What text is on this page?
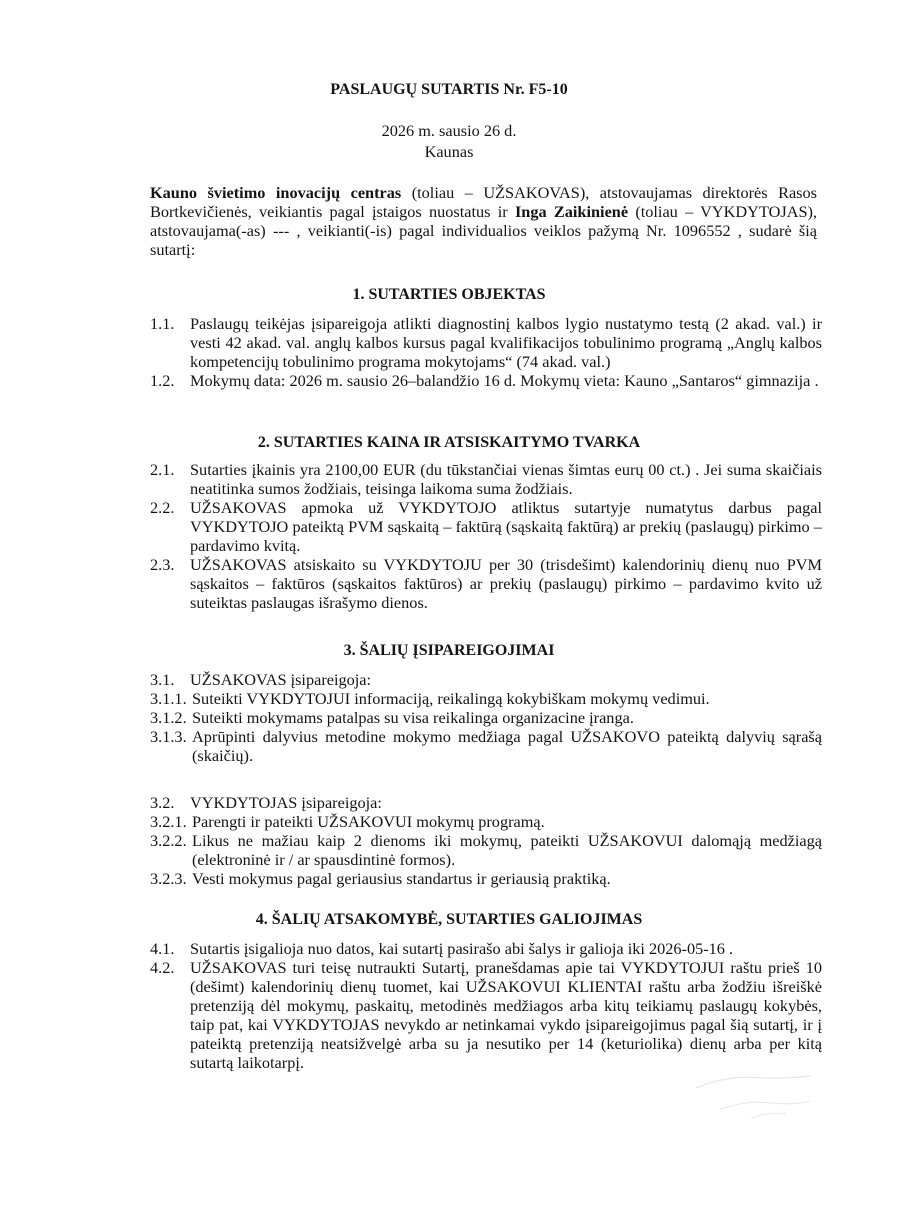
PASLAUGŲ SUTARTIS Nr. F5-10
2026 m. sausio 26 d.
Kaunas

Kauno švietimo inovacijų centras (toliau – UŽSAKOVAS), atstovaujamas direktorės Rasos Bortkevičienės, veikiantis pagal įstaigos nuostatus ir Inga Zaikinienė (toliau – VYKDYTOJAS), atstovaujama(-as) --- , veikianti(-is) pagal individualios veiklos pažymą Nr. 1096552 , sudarė šią sutartį:

1. SUTARTIES OBJEKTAS
1.1. Paslaugų teikėjas įsipareigoja atlikti diagnostinį kalbos lygio nustatymo testą (2 akad. val.) ir vesti 42 akad. val. anglų kalbos kursus pagal kvalifikacijos tobulinimo programą „Anglų kalbos kompetencijų tobulinimo programa mokytojams“ (74 akad. val.)
1.2. Mokymų data: 2026 m. sausio 26–balandžio 16 d. Mokymų vieta: Kauno „Santaros“ gimnazija .
2. SUTARTIES KAINA IR ATSISKAITYMO TVARKA
2.1. Sutarties įkainis yra 2100,00 EUR (du tūkstančiai vienas šimtas eurų 00 ct.) . Jei suma skaičiais neatitinka sumos žodžiais, teisinga laikoma suma žodžiais.
2.2. UŽSAKOVAS apmoka už VYKDYTOJO atliktus sutartyje numatytus darbus pagal VYKDYTOJO pateiktą PVM sąskaitą – faktūrą (sąskaitą faktūrą) ar prekių (paslaugų) pirkimo – pardavimo kvitą.
2.3. UŽSAKOVAS atsiskaito su VYKDYTOJU per 30 (trisdešimt) kalendorinių dienų nuo PVM sąskaitos – faktūros (sąskaitos faktūros) ar prekių (paslaugų) pirkimo – pardavimo kvito už suteiktas paslaugas išrašymo dienos.
3. ŠALIŲ ĮSIPAREIGOJIMAI
3.1. UŽSAKOVAS įsipareigoja:
3.1.1. Suteikti VYKDYTOJUI informaciją, reikalingą kokybiškam mokymų vedimui.
3.1.2. Suteikti mokymams patalpas su visa reikalinga organizacine įranga.
3.1.3. Aprūpinti dalyvius metodine mokymo medžiaga pagal UŽSAKOVO pateiktą dalyvių sąrašą (skaičių).
3.2. VYKDYTOJAS įsipareigoja:
3.2.1. Parengti ir pateikti UŽSAKOVUI mokymų programą.
3.2.2. Likus ne mažiau kaip 2 dienoms iki mokymų, pateikti UŽSAKOVUI dalomąją medžiagą (elektroninė ir / ar spausdintinė formos).
3.2.3. Vesti mokymus pagal geriausius standartus ir geriausią praktiką.
4. ŠALIŲ ATSAKOMYBĖ, SUTARTIES GALIOJIMAS
4.1. Sutartis įsigalioja nuo datos, kai sutartį pasirašo abi šalys ir galioja iki 2026-05-16 .
4.2. UŽSAKOVAS turi teisę nutraukti Sutartį, pranešdamas apie tai VYKDYTOJUI raštu prieš 10 (dešimt) kalendorinių dienų tuomet, kai UŽSAKOVUI KLIENTAI raštu arba žodžiu išreiškė pretenziją dėl mokymų, paskaitų, metodinės medžiagos arba kitų teikiamų paslaugų kokybės, taip pat, kai VYKDYTOJAS nevykdo ar netinkamai vykdo įsipareigojimus pagal šią sutartį, ir į pateiktą pretenziją neatsižvelgė arba su ja nesutiko per 14 (keturiolika) dienų arba per kitą sutartą laikotarpį.
